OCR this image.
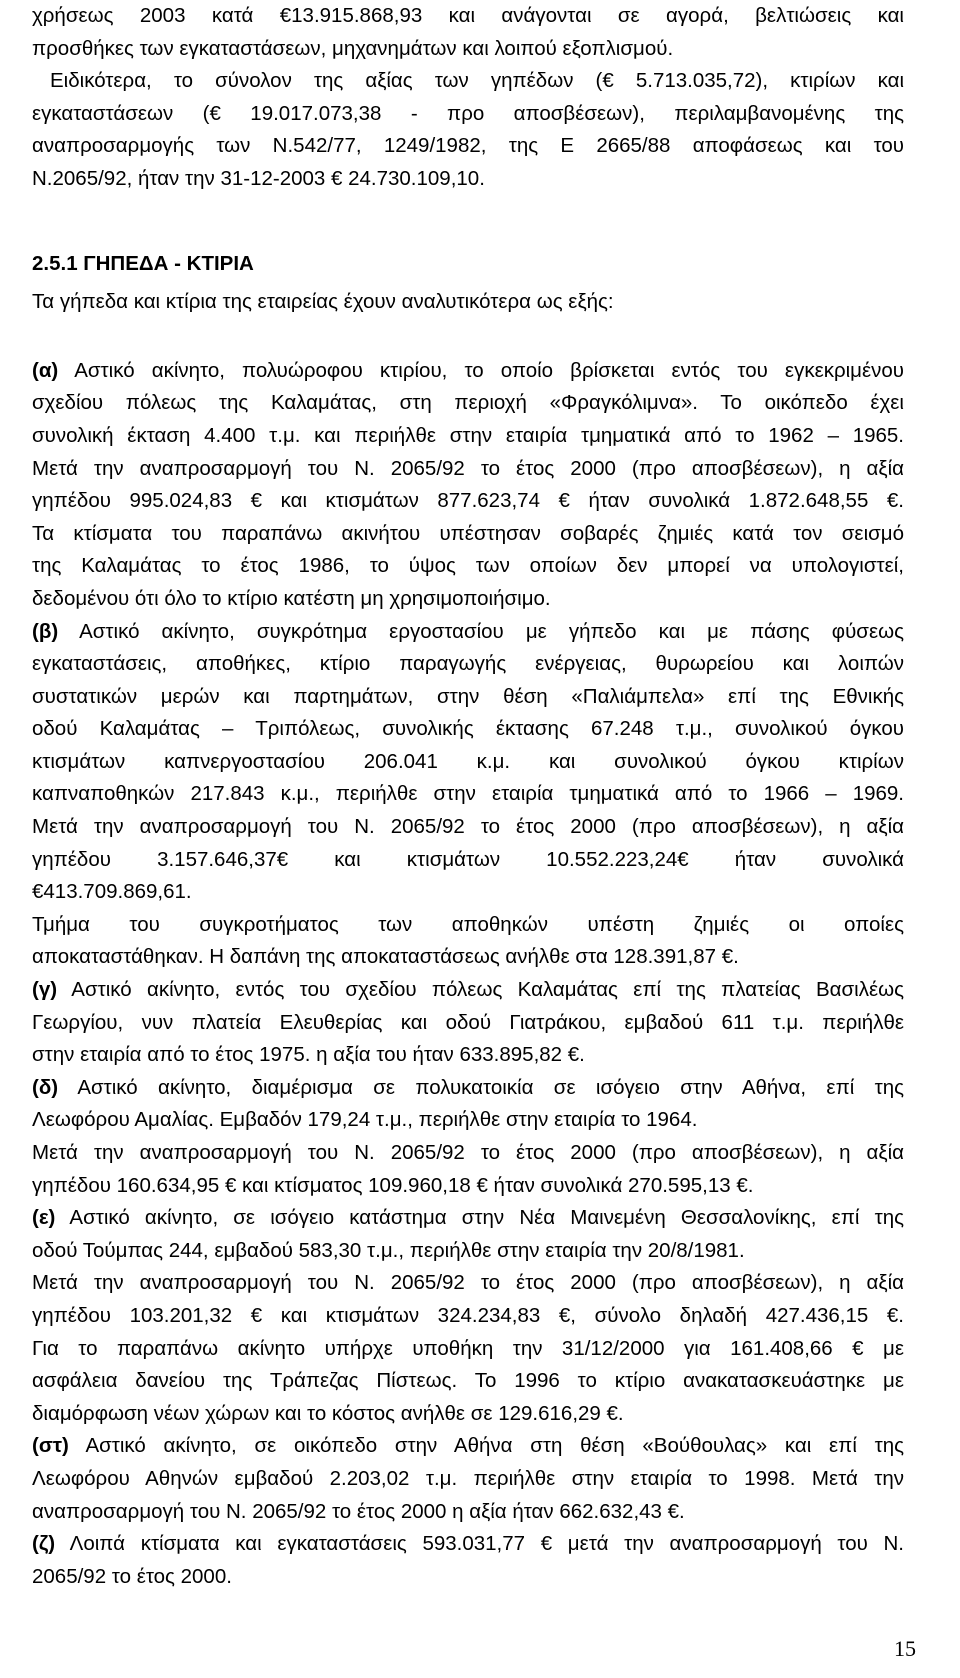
χρήσεως 2003 κατά €13.915.868,93 και ανάγονται σε αγορά, βελτιώσεις και
προσθήκες των εγκαταστάσεων, μηχανημάτων και λοιπού εξοπλισμού.
Ειδικότερα, το σύνολον της αξίας των γηπέδων (€ 5.713.035,72), κτιρίων και
εγκαταστάσεων (€ 19.017.073,38 - προ αποσβέσεων), περιλαμβανομένης της
αναπροσαρμογής των Ν.542/77, 1249/1982, της Ε 2665/88 αποφάσεως και του
Ν.2065/92, ήταν την 31-12-2003 € 24.730.109,10.
2.5.1 ΓΗΠΕΔΑ - ΚΤΙΡΙΑ
Τα γήπεδα και κτίρια της εταιρείας έχουν αναλυτικότερα ως εξής:
(α) Αστικό ακίνητο, πολυώροφου κτιρίου, το οποίο βρίσκεται εντός του εγκεκριμένου
σχεδίου πόλεως της Καλαμάτας, στη περιοχή «Φραγκόλιμνα». Το οικόπεδο έχει
συνολική έκταση 4.400 τ.μ. και περιήλθε στην εταιρία τμηματικά από το 1962 – 1965.
Μετά την αναπροσαρμογή του Ν. 2065/92 το έτος 2000 (προ αποσβέσεων), η αξία
γηπέδου 995.024,83 € και κτισμάτων 877.623,74 € ήταν συνολικά 1.872.648,55 €.
Τα κτίσματα του παραπάνω ακινήτου υπέστησαν σοβαρές ζημιές κατά τον σεισμό
της Καλαμάτας το έτος 1986, το ύψος των οποίων δεν μπορεί να υπολογιστεί,
δεδομένου ότι όλο το κτίριο κατέστη μη χρησιμοποιήσιμο.
(β) Αστικό ακίνητο, συγκρότημα εργοστασίου με γήπεδο και με πάσης φύσεως
εγκαταστάσεις, αποθήκες, κτίριο παραγωγής ενέργειας, θυρωρείου και λοιπών
συστατικών μερών και παρτημάτων, στην θέση «Παλιάμπελα» επί της Εθνικής
οδού Καλαμάτας – Τριπόλεως, συνολικής έκτασης 67.248 τ.μ., συνολικού όγκου
κτισμάτων καπνεργοστασίου 206.041 κ.μ. και συνολικού όγκου κτιρίων
καπναποθηκών 217.843 κ.μ., περιήλθε στην εταιρία τμηματικά από το 1966 – 1969.
Μετά την αναπροσαρμογή του Ν. 2065/92 το έτος 2000 (προ αποσβέσεων), η αξία
γηπέδου 3.157.646,37€ και κτισμάτων 10.552.223,24€ ήταν συνολικά
€413.709.869,61.
Τμήμα του συγκροτήματος των αποθηκών υπέστη ζημιές οι οποίες
αποκαταστάθηκαν. Η δαπάνη της αποκαταστάσεως ανήλθε στα 128.391,87 €.
(γ) Αστικό ακίνητο, εντός του σχεδίου πόλεως Καλαμάτας επί της πλατείας Βασιλέως
Γεωργίου, νυν πλατεία Ελευθερίας και οδού Γιατράκου, εμβαδού 611 τ.μ. περιήλθε
στην εταιρία από το έτος 1975. η αξία του ήταν 633.895,82 €.
(δ) Αστικό ακίνητο, διαμέρισμα σε πολυκατοικία σε ισόγειο στην Αθήνα, επί της
Λεωφόρου Αμαλίας. Εμβαδόν 179,24 τ.μ., περιήλθε στην εταιρία το 1964.
Μετά την αναπροσαρμογή του Ν. 2065/92 το έτος 2000 (προ αποσβέσεων), η αξία
γηπέδου 160.634,95 € και κτίσματος 109.960,18 € ήταν συνολικά 270.595,13 €.
(ε) Αστικό ακίνητο, σε ισόγειο κατάστημα στην Νέα Μαινεμένη Θεσσαλονίκης, επί της
οδού Τούμπας 244, εμβαδού 583,30 τ.μ., περιήλθε στην εταιρία την 20/8/1981.
Μετά την αναπροσαρμογή του Ν. 2065/92 το έτος 2000 (προ αποσβέσεων), η αξία
γηπέδου 103.201,32 € και κτισμάτων 324.234,83 €, σύνολο δηλαδή 427.436,15 €.
Για το παραπάνω ακίνητο υπήρχε υποθήκη την 31/12/2000 για 161.408,66 € με
ασφάλεια δανείου της Τράπεζας Πίστεως. Το 1996 το κτίριο ανακατασκευάστηκε με
διαμόρφωση νέων χώρων και το κόστος ανήλθε σε 129.616,29 €.
(στ) Αστικό ακίνητο, σε οικόπεδο στην Αθήνα στη θέση «Βούθουλας» και επί της
Λεωφόρου Αθηνών εμβαδού 2.203,02 τ.μ. περιήλθε στην εταιρία το 1998. Μετά την
αναπροσαρμογή του Ν. 2065/92 το έτος 2000 η αξία ήταν 662.632,43 €.
(ζ) Λοιπά κτίσματα και εγκαταστάσεις 593.031,77 € μετά την αναπροσαρμογή του Ν.
2065/92 το έτος 2000.
15
